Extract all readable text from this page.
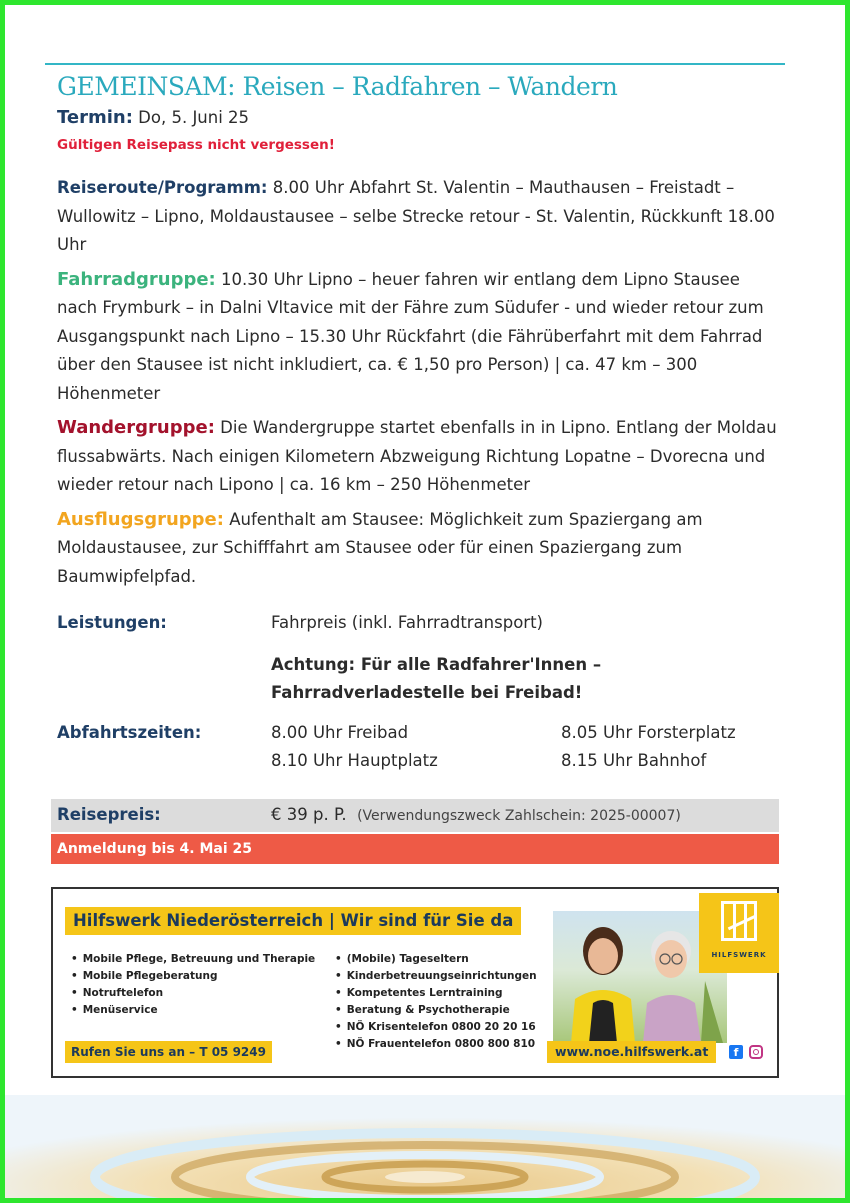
GEMEINSAM: Reisen – Radfahren – Wandern
Termin: Do, 5. Juni 25
Gültigen Reisepass nicht vergessen!

Reiseroute/Programm: 8.00 Uhr Abfahrt St. Valentin – Mauthausen – Freistadt – Wullowitz – Lipno, Moldaustausee – selbe Strecke retour - St. Valentin, Rückkunft 18.00 Uhr

Fahrradgruppe: 10.30 Uhr Lipno – heuer fahren wir entlang dem Lipno Stausee nach Frymburk – in Dalni Vltavice mit der Fähre zum Südufer - und wieder retour zum Ausgangspunkt nach Lipno – 15.30 Uhr Rückfahrt (die Fährüberfahrt mit dem Fahrrad über den Stausee ist nicht inkludiert, ca. € 1,50 pro Person) | ca. 47 km – 300 Höhenmeter

Wandergruppe: Die Wandergruppe startet ebenfalls in in Lipno. Entlang der Moldau flussabwärts. Nach einigen Kilometern Abzweigung Richtung Lopatne – Dvorecna und wieder retour nach Lipono | ca. 16 km – 250 Höhenmeter

Ausflugsgruppe: Aufenthalt am Stausee: Möglichkeit zum Spaziergang am Moldaustausee, zur Schifffahrt am Stausee oder für einen Spaziergang zum Baumwipfelpfad.

Leistungen:	Fahrpreis (inkl. Fahrradtransport)
Achtung: Für alle Radfahrer'Innen –
Fahrradverladestelle bei Freibad!
Abfahrtszeiten:	8.00 Uhr Freibad	8.05 Uhr Forsterplatz
8.10 Uhr Hauptplatz	8.15 Uhr Bahnhof
Reisepreis:	€ 39 p. P. (Verwendungszweck Zahlschein: 2025-00007)
Anmeldung bis 4. Mai 25
Hilfswerk Niederösterreich | Wir sind für Sie da
• Mobile Pflege, Betreuung und Therapie
• Mobile Pflegeberatung
• Notruftelefon
• Menüservice
• (Mobile) Tageseltern
• Kinderbetreuungseinrichtungen
• Kompetentes Lerntraining
• Beratung & Psychotherapie
• NÖ Krisentelefon 0800 20 20 16
• NÖ Frauentelefon 0800 800 810
Rufen Sie uns an – T 05 9249
HILFSWERK
www.noe.hilfswerk.at	f
